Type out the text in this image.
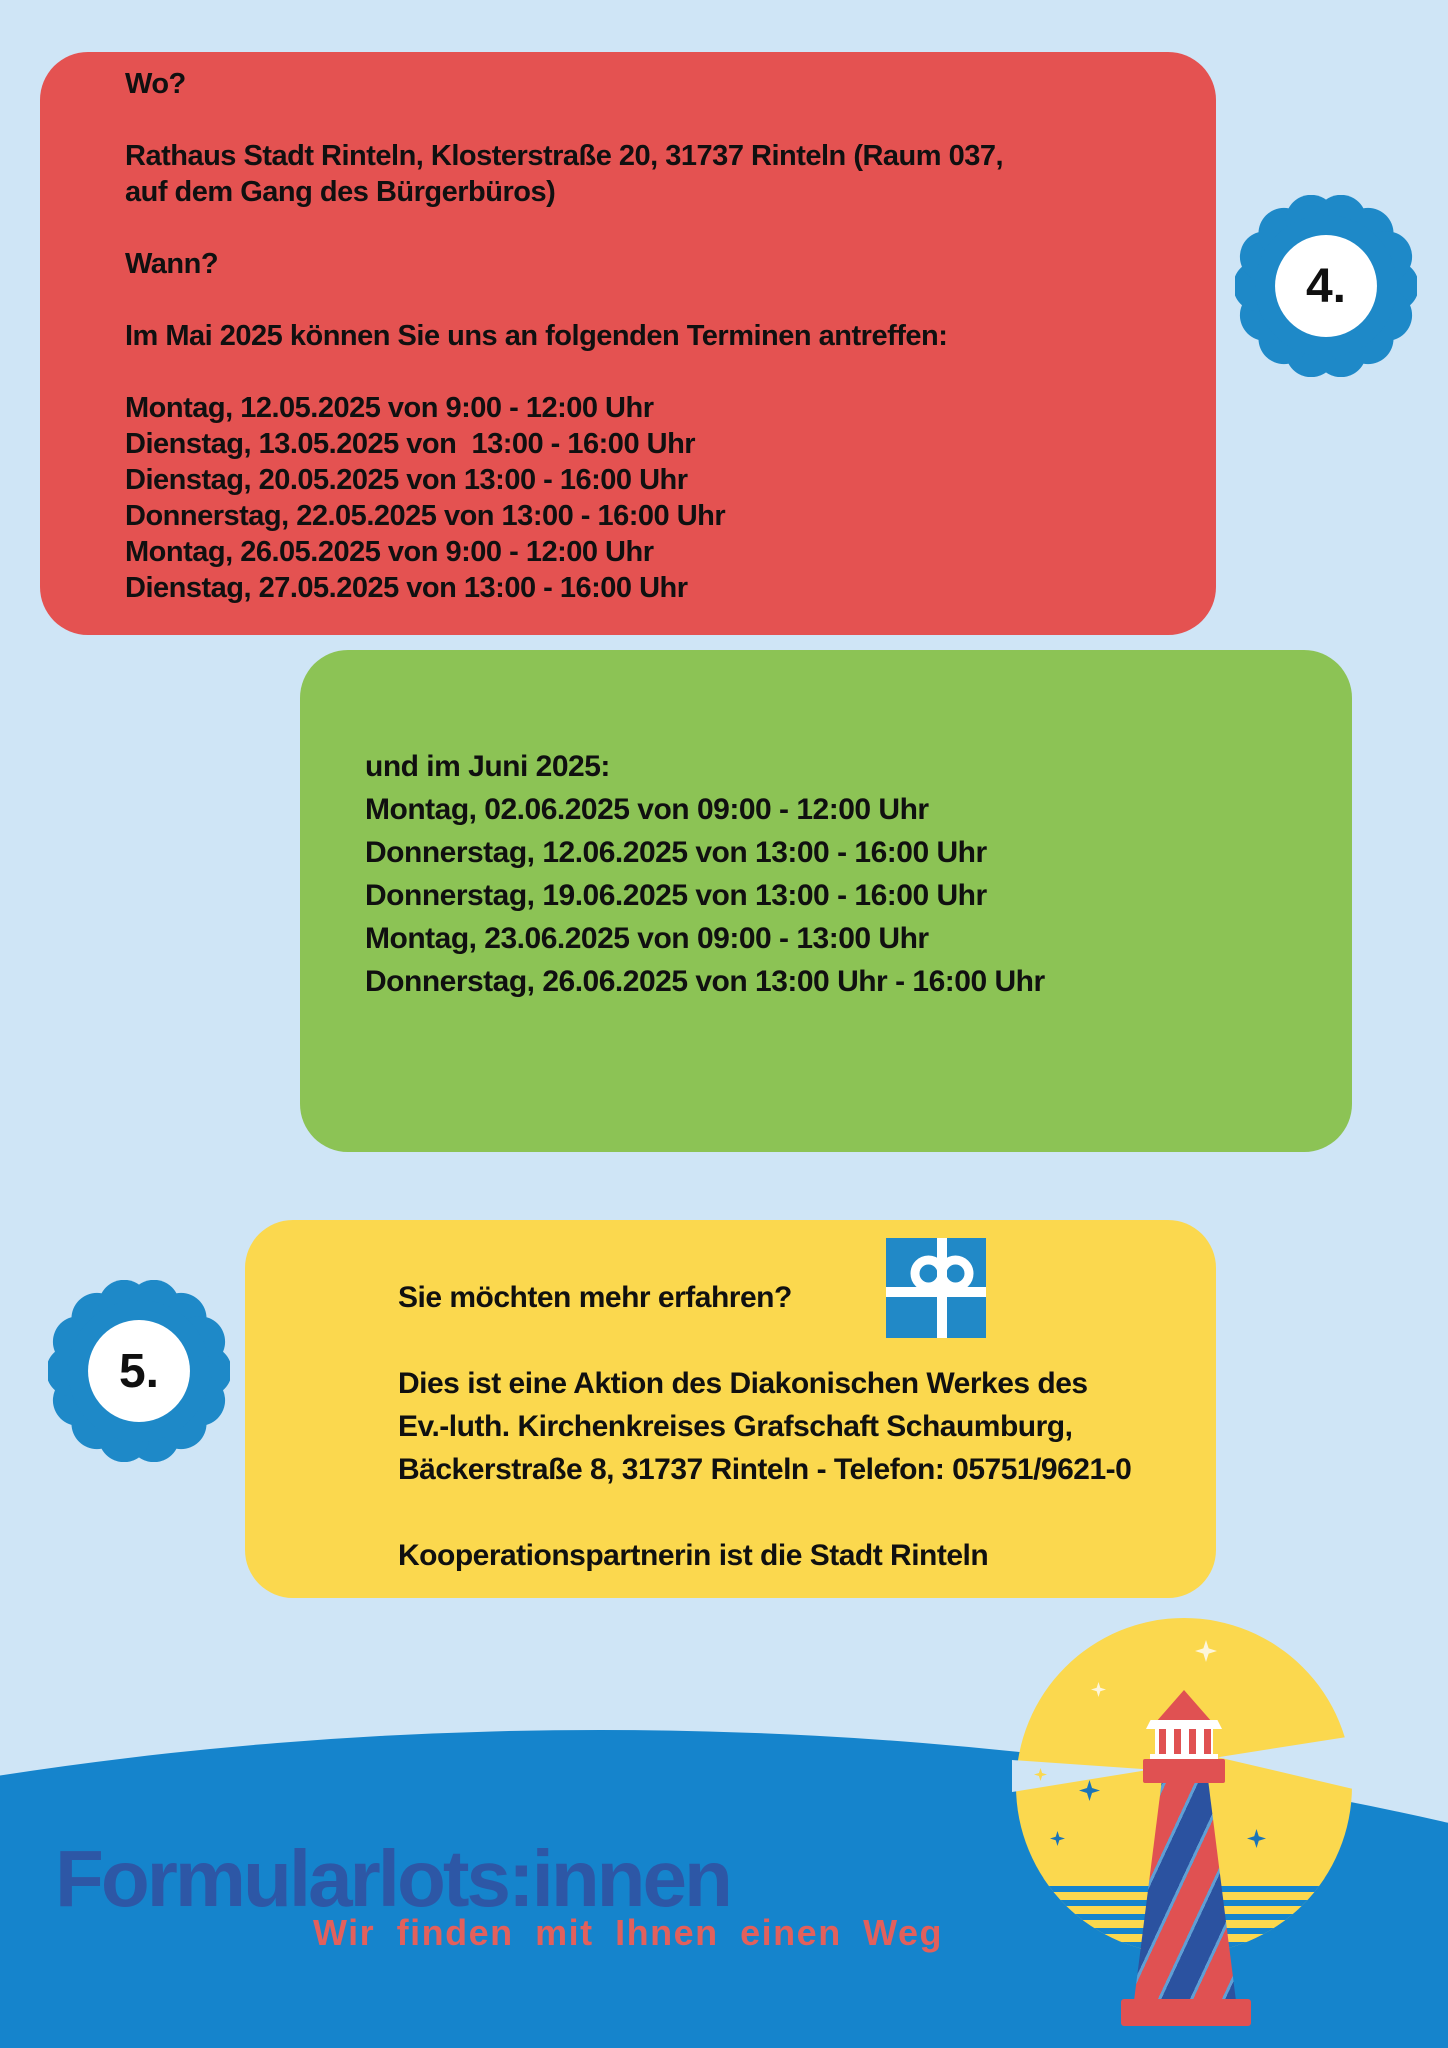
Wo?

Rathaus Stadt Rinteln, Klosterstraße 20, 31737 Rinteln (Raum 037,
auf dem Gang des Bürgerbüros)

Wann?

Im Mai 2025 können Sie uns an folgenden Terminen antreffen:

Montag, 12.05.2025 von 9:00 - 12:00 Uhr
Dienstag, 13.05.2025 von  13:00 - 16:00 Uhr
Dienstag, 20.05.2025 von 13:00 - 16:00 Uhr
Donnerstag, 22.05.2025 von 13:00 - 16:00 Uhr
Montag, 26.05.2025 von 9:00 - 12:00 Uhr
Dienstag, 27.05.2025 von 13:00 - 16:00 Uhr
4.
und im Juni 2025:
Montag, 02.06.2025 von 09:00 - 12:00 Uhr
Donnerstag, 12.06.2025 von 13:00 - 16:00 Uhr
Donnerstag, 19.06.2025 von 13:00 - 16:00 Uhr
Montag, 23.06.2025 von 09:00 - 13:00 Uhr
Donnerstag, 26.06.2025 von 13:00 Uhr - 16:00 Uhr
5.
Sie möchten mehr erfahren?

Dies ist eine Aktion des Diakonischen Werkes des
Ev.-luth. Kirchenkreises Grafschaft Schaumburg,
Bäckerstraße 8, 31737 Rinteln - Telefon: 05751/9621-0

Kooperationspartnerin ist die Stadt Rinteln
Formularlots:innen
Wir finden mit Ihnen einen Weg
